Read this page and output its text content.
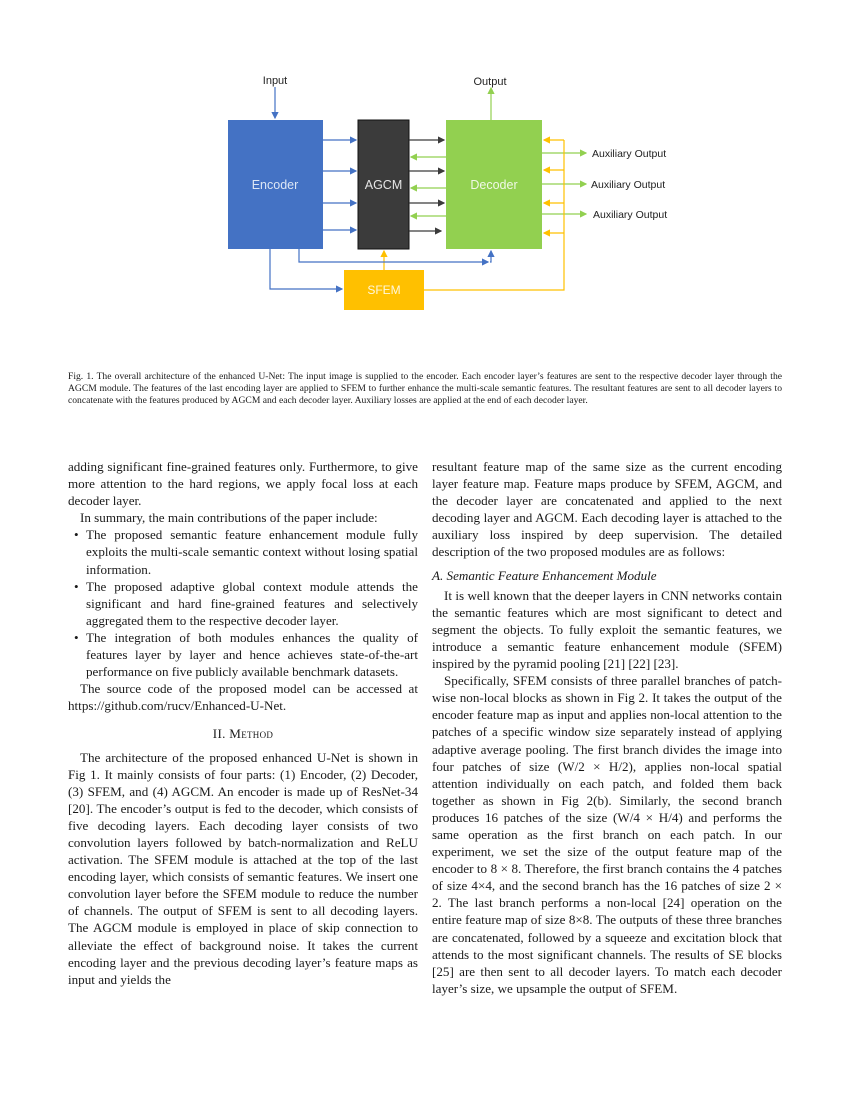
Input	Output
Encoder	AGCM	Decoder
SFEM
Auxiliary Output
Auxiliary Output
Auxiliary Output
Fig. 1. The overall architecture of the enhanced U-Net: The input image is supplied to the encoder. Each encoder layer’s features are sent to the respective decoder layer through the AGCM module. The features of the last encoding layer are applied to SFEM to further enhance the multi-scale semantic features. The resultant features are sent to all decoder layers to concatenate with the features produced by AGCM and each decoder layer. Auxiliary losses are applied at the end of each decoder layer.

adding significant fine-grained features only. Furthermore, to give more attention to the hard regions, we apply focal loss at each decoder layer.

In summary, the main contributions of the paper include:

• The proposed semantic feature enhancement module fully exploits the multi-scale semantic context without losing spatial information.
• The proposed adaptive global context module attends the significant and hard fine-grained features and selectively aggregated them to the respective decoder layer.
• The integration of both modules enhances the quality of features layer by layer and hence achieves state-of-the-art performance on five publicly available benchmark datasets.

The source code of the proposed model can be accessed at https://github.com/rucv/Enhanced-U-Net.

II. Method

The architecture of the proposed enhanced U-Net is shown in Fig 1. It mainly consists of four parts: (1) Encoder, (2) Decoder, (3) SFEM, and (4) AGCM. An encoder is made up of ResNet-34 [20]. The encoder’s output is fed to the decoder, which consists of five decoding layers. Each decoding layer consists of two convolution layers followed by batch-normalization and ReLU activation. The SFEM module is attached at the top of the last encoding layer, which consists of semantic features. We insert one convolution layer before the SFEM module to reduce the number of channels. The output of SFEM is sent to all decoding layers. The AGCM module is employed in place of skip connection to alleviate the effect of background noise. It takes the current encoding layer and the previous decoding layer’s feature maps as input and yields the

resultant feature map of the same size as the current encoding layer feature map. Feature maps produce by SFEM, AGCM, and the decoder layer are concatenated and applied to the next decoding layer and AGCM. Each decoding layer is attached to the auxiliary loss inspired by deep supervision. The detailed description of the two proposed modules are as follows:

A. Semantic Feature Enhancement Module

It is well known that the deeper layers in CNN networks contain the semantic features which are most significant to detect and segment the objects. To fully exploit the semantic features, we introduce a semantic feature enhancement module (SFEM) inspired by the pyramid pooling [21] [22] [23].

Specifically, SFEM consists of three parallel branches of patch-wise non-local blocks as shown in Fig 2. It takes the output of the encoder feature map as input and applies non-local attention to the patches of a specific window size separately instead of applying adaptive average pooling. The first branch divides the image into four patches of size (W/2 × H/2), applies non-local spatial attention individually on each patch, and folded them back together as shown in Fig 2(b). Similarly, the second branch produces 16 patches of the size (W/4 × H/4) and performs the same operation as the first branch on each patch. In our experiment, we set the size of the output feature map of the encoder to 8 × 8. Therefore, the first branch contains the 4 patches of size 4×4, and the second branch has the 16 patches of size 2 × 2. The last branch performs a non-local [24] operation on the entire feature map of size 8×8. The outputs of these three branches are concatenated, followed by a squeeze and excitation block that attends to the most significant channels. The results of SE blocks [25] are then sent to all decoder layers. To match each decoder layer’s size, we upsample the output of SFEM.
